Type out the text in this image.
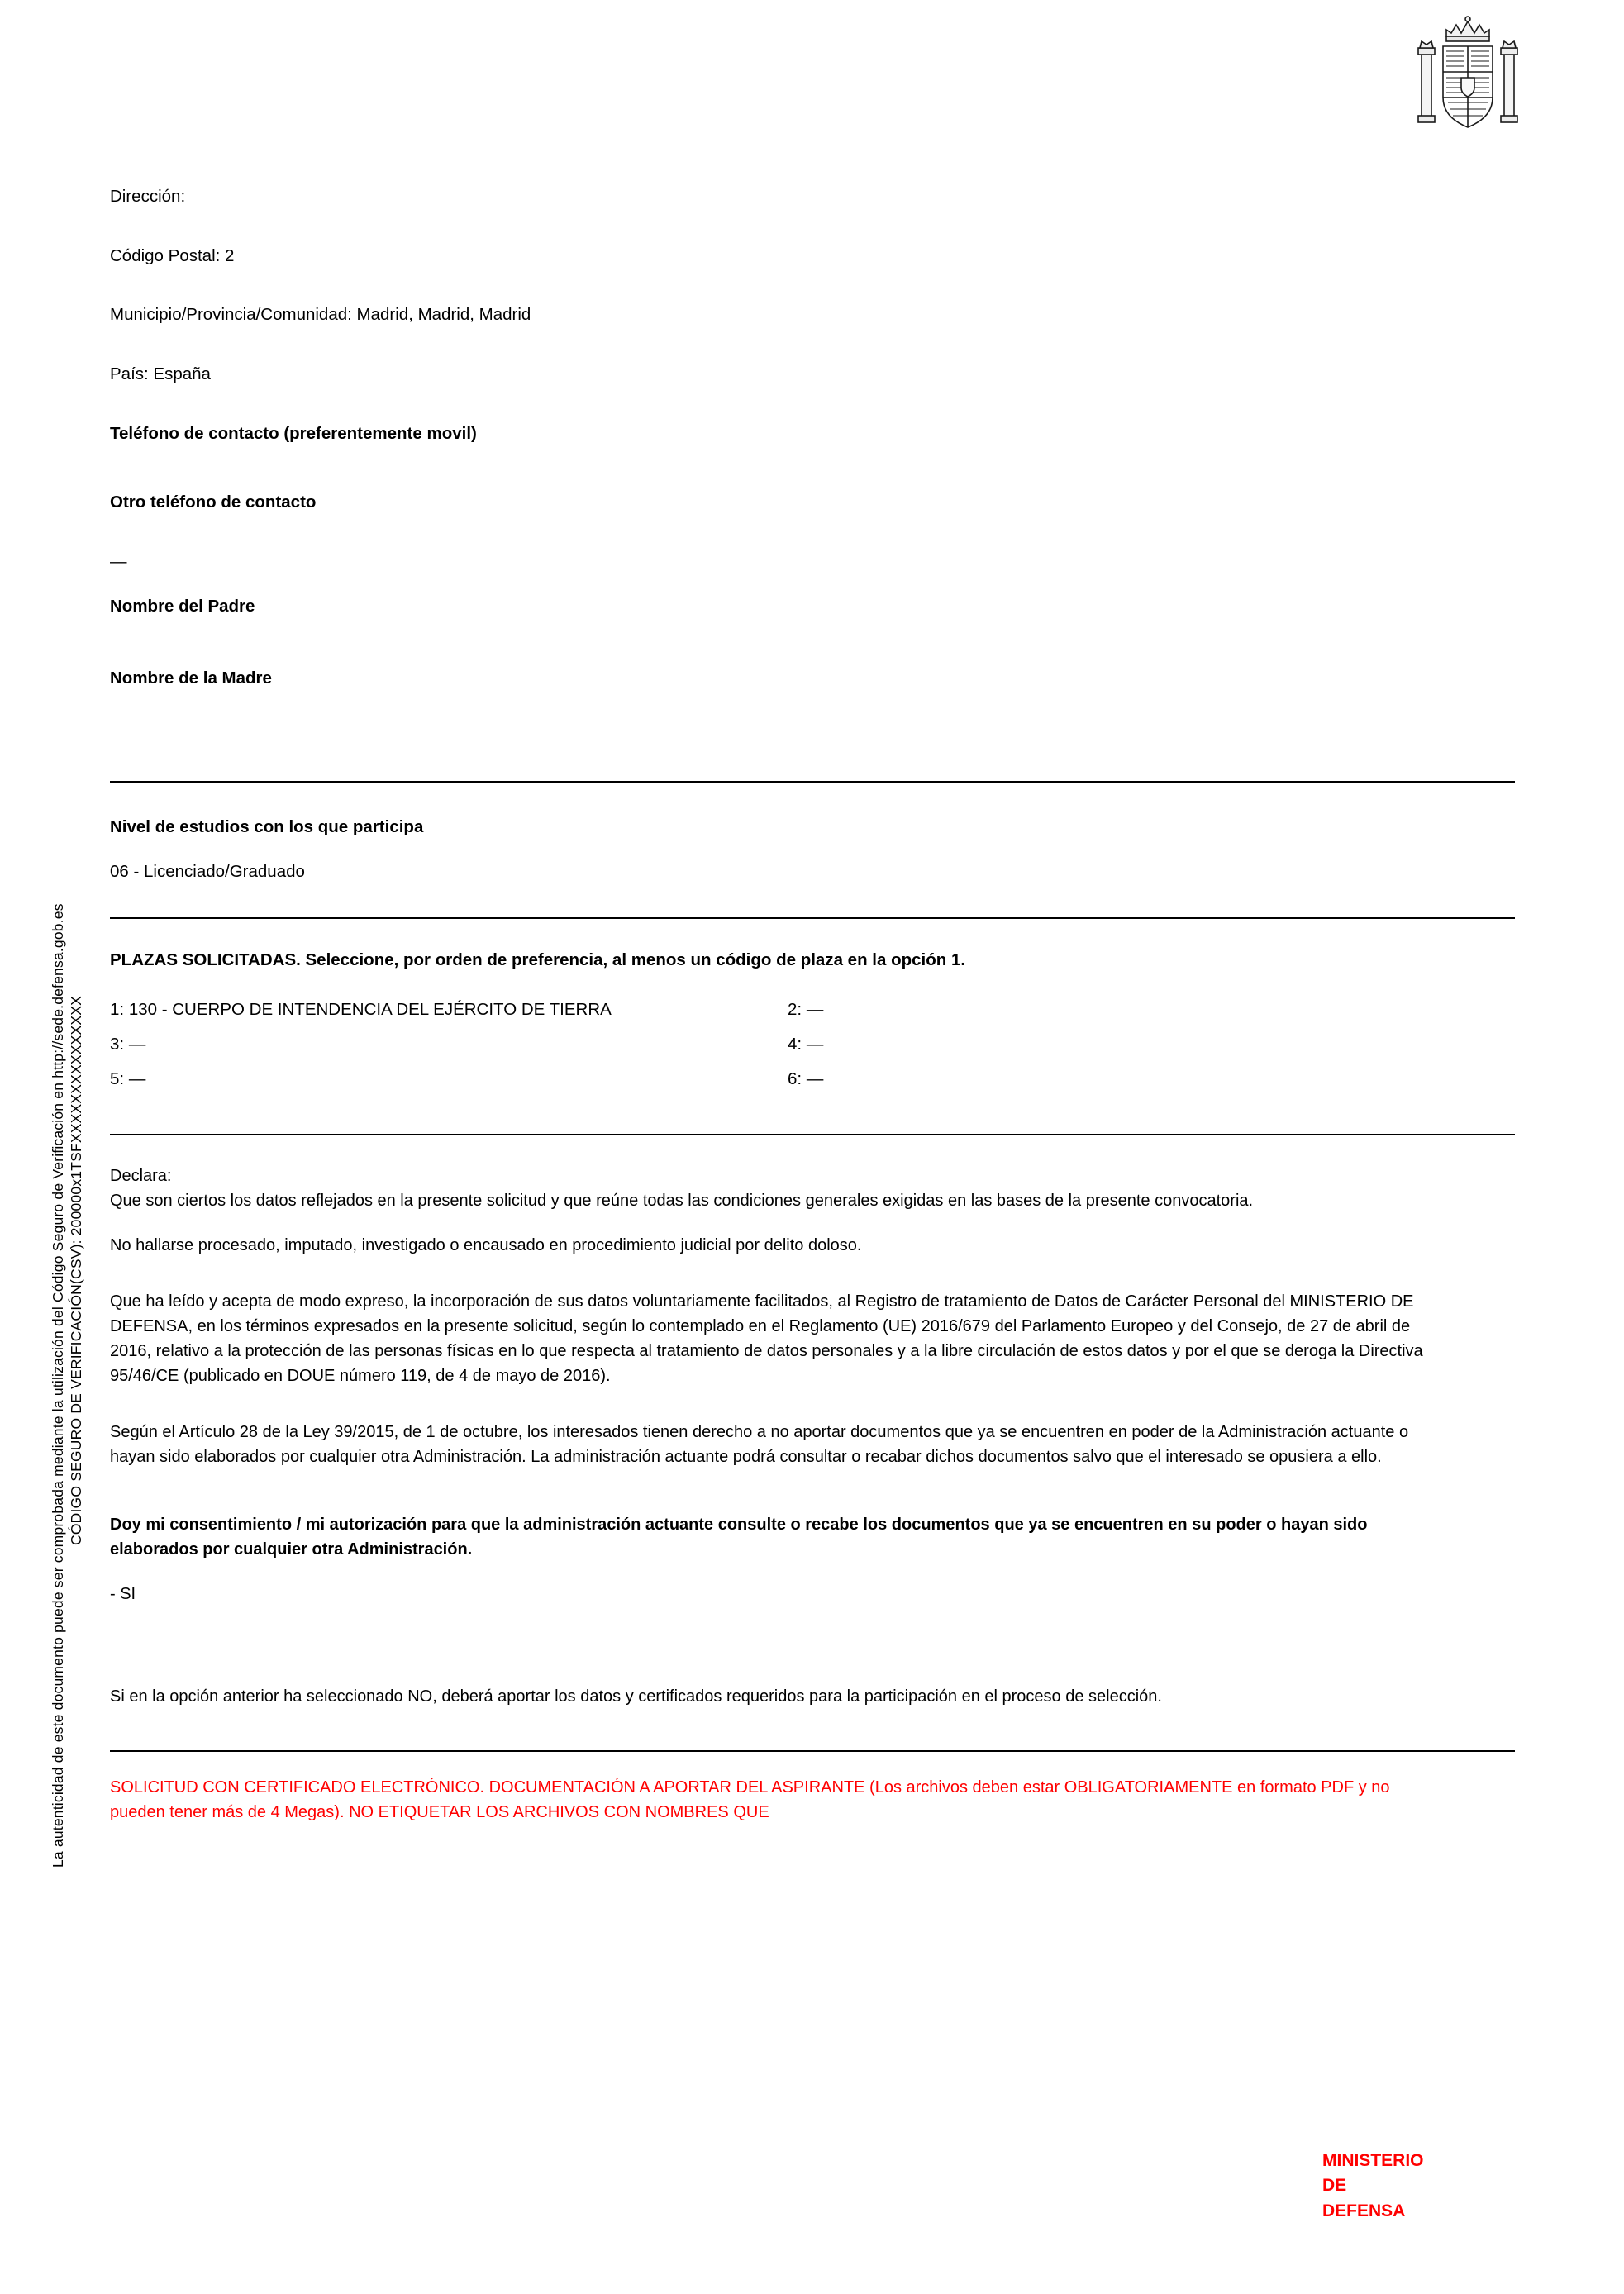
La autenticidad de este documento puede ser comprobada mediante la utilización del Código Seguro de Verificación en http://sede.defensa.gob.es CÓDIGO SEGURO DE VERIFICACIÓN(CSV): 200000x1TSFXXXXXXXXXXXXXXX
Dirección:
Código Postal: 2
Municipio/Provincia/Comunidad: Madrid, Madrid, Madrid
País: España
Teléfono de contacto (preferentemente movil)
Otro teléfono de contacto
—
Nombre del Padre
Nombre de la Madre
Nivel de estudios con los que participa
06 - Licenciado/Graduado
PLAZAS SOLICITADAS. Seleccione, por orden de preferencia, al menos un código de plaza en la opción 1.
1: 130 - CUERPO DE INTENDENCIA DEL EJÉRCITO DE TIERRA	2: —
3: —	4: —
5: —	6: —
Declara:
Que son ciertos los datos reflejados en la presente solicitud y que reúne todas las condiciones generales exigidas en las bases de la presente convocatoria.
No hallarse procesado, imputado, investigado o encausado en procedimiento judicial por delito doloso.
Que ha leído y acepta de modo expreso, la incorporación de sus datos voluntariamente facilitados, al Registro de tratamiento de Datos de Carácter Personal del MINISTERIO DE DEFENSA, en los términos expresados en la presente solicitud, según lo contemplado en el Reglamento (UE) 2016/679 del Parlamento Europeo y del Consejo, de 27 de abril de 2016, relativo a la protección de las personas físicas en lo que respecta al tratamiento de datos personales y a la libre circulación de estos datos y por el que se deroga la Directiva 95/46/CE (publicado en DOUE número 119, de 4 de mayo de 2016).
Según el Artículo 28 de la Ley 39/2015, de 1 de octubre, los interesados tienen derecho a no aportar documentos que ya se encuentren en poder de la Administración actuante o hayan sido elaborados por cualquier otra Administración. La administración actuante podrá consultar o recabar dichos documentos salvo que el interesado se opusiera a ello.
Doy mi consentimiento / mi autorización para que la administración actuante consulte o recabe los documentos que ya se encuentren en su poder o hayan sido elaborados por cualquier otra Administración.
- SI
Si en la opción anterior ha seleccionado NO, deberá aportar los datos y certificados requeridos para la participación en el proceso de selección.
SOLICITUD CON CERTIFICADO ELECTRÓNICO. DOCUMENTACIÓN A APORTAR DEL ASPIRANTE (Los archivos deben estar OBLIGATORIAMENTE en formato PDF y no pueden tener más de 4 Megas). NO ETIQUETAR LOS ARCHIVOS CON NOMBRES QUE
MINISTERIO
DE
DEFENSA
